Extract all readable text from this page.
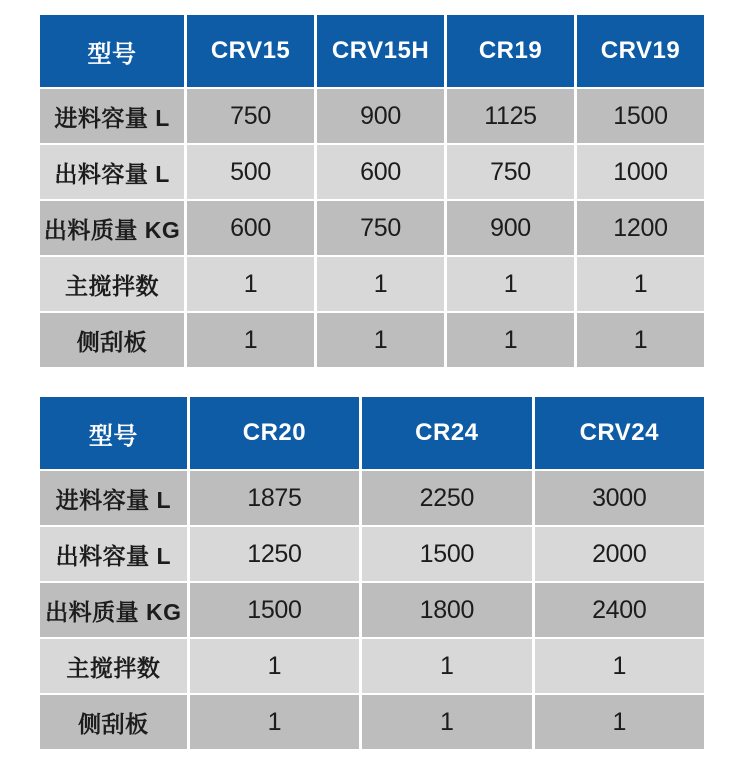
型号	CRV15	CRV15H	CR19	CRV19
进料容量 L	750	900	1125	1500
出料容量 L	500	600	750	1000
出料质量 KG	600	750	900	1200
主搅拌数	1	1	1	1
侧刮板	1	1	1	1
型号	CR20	CR24	CRV24
进料容量 L	1875	2250	3000
出料容量 L	1250	1500	2000
出料质量 KG	1500	1800	2400
主搅拌数	1	1	1
侧刮板	1	1	1
